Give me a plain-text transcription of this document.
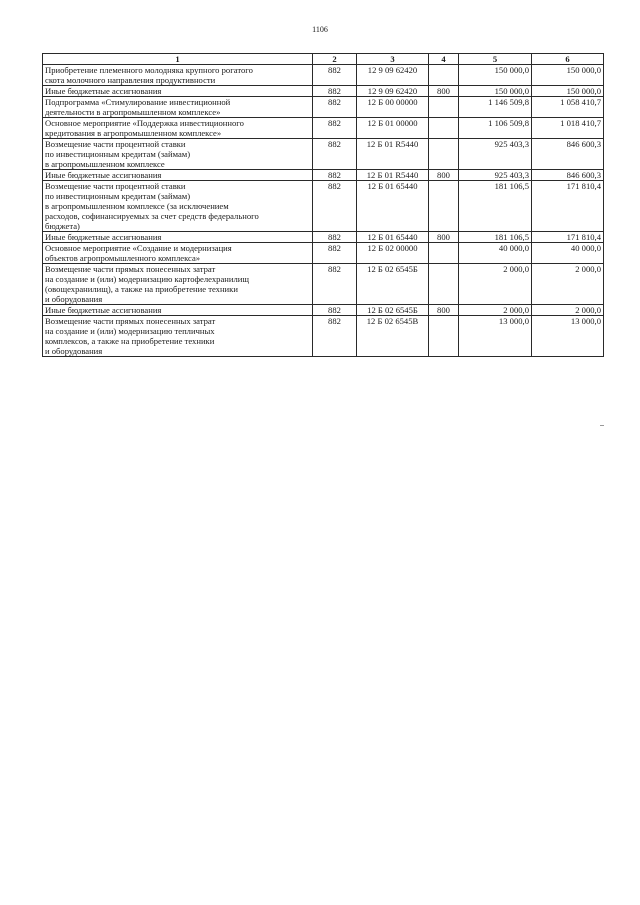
1106
1	2	3	4	5	6
Приобретение племенного молодняка крупного рогатого
скота молочного направления продуктивности	882	12 9 09 62420		150 000,0	150 000,0
Иные бюджетные ассигнования	882	12 9 09 62420	800	150 000,0	150 000,0
Подпрограмма «Стимулирование инвестиционной
деятельности в агропромышленном комплексе»	882	12 Б 00 00000		1 146 509,8	1 058 410,7
Основное мероприятие «Поддержка инвестиционного
кредитования в агропромышленном комплексе»	882	12 Б 01 00000		1 106 509,8	1 018 410,7
Возмещение части процентной ставки
по инвестиционным кредитам (займам)
в агропромышленном комплексе	882	12 Б 01 R5440		925 403,3	846 600,3
Иные бюджетные ассигнования	882	12 Б 01 R5440	800	925 403,3	846 600,3
Возмещение части процентной ставки
по инвестиционным кредитам (займам)
в агропромышленном комплексе (за исключением
расходов, софинансируемых за счет средств федерального
бюджета)	882	12 Б 01 65440		181 106,5	171 810,4
Иные бюджетные ассигнования	882	12 Б 01 65440	800	181 106,5	171 810,4
Основное мероприятие «Создание и модернизация
объектов агропромышленного комплекса»	882	12 Б 02 00000		40 000,0	40 000,0
Возмещение части прямых понесенных затрат
на создание и (или) модернизацию картофелехранилищ
(овощехранилищ), а также на приобретение техники
и оборудования	882	12 Б 02 6545Б		2 000,0	2 000,0
Иные бюджетные ассигнования	882	12 Б 02 6545Б	800	2 000,0	2 000,0
Возмещение части прямых понесенных затрат
на создание и (или) модернизацию тепличных
комплексов, а также на приобретение техники
и оборудования	882	12 Б 02 6545В		13 000,0	13 000,0
